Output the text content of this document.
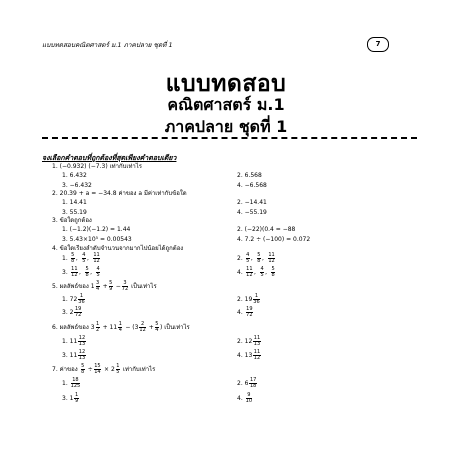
แบบทดสอบคณิตศาสตร์ ม.1 ภาคปลาย ชุดที่ 1	7
แบบทดสอบ
คณิตศาสตร์ ม.1
ภาคปลาย ชุดที่ 1
จงเลือกคำตอบที่ถูกต้องที่สุดเพียงคำตอบเดียว
1. (−0.932) (−7.3) เท่ากับเท่าไร
1. 6.432	2. 6.568
3. −6.432	4. −6.568
2. 20.39 + a = −34.8 ค่าของ a มีค่าเท่ากับข้อใด
1. 14.41	2. −14.41
3. 55.19	4. −55.19
3. ข้อใดถูกต้อง
1. (−1.2)(−1.2) = 1.44	2. (−22)(0.4 = −88
3. 5.43×10⁵ = 0.00543	4. 7.2 ÷ (−100) = 0.072
4. ข้อใดเรียงลำดับจำนวนจากมากไปน้อยได้ถูกต้อง
1. $\frac{5}{8}$ , $\frac{4}{5}$ , $\frac{11}{12}$	2. $\frac{4}{5}$ , $\frac{5}{8}$ , $\frac{11}{12}$
3. $\frac{11}{12}$ , $\frac{5}{8}$ , $\frac{4}{5}$	4. $\frac{11}{12}$ , $\frac{4}{5}$ , $\frac{5}{8}$
5. ผลลัพธ์ของ $1 \frac{3}{4} + \frac{5}{9} - \frac{3}{72}$ เป็นเท่าไร
1. $72 \frac{1}{36}$	2. $19 \frac{1}{36}$
3. $2 \frac{19}{72}$	4. $\frac{19}{72}$
6. ผลลัพธ์ของ $3 \frac{1}{2} + 11 \frac{1}{4} - (3 \frac{2}{12} + \frac{5}{4}$ ) เป็นเท่าไร
1. $11 \frac{12}{13}$	2. $12 \frac{11}{13}$
3. $11 \frac{12}{13}$	4. $13 \frac{11}{12}$
7. ค่าของ $\frac{5}{8} \div \frac{15}{14} \times 2 \frac{1}{5}$ เท่ากับเท่าไร
1. $\frac{18}{125}$	2. $6 \frac{17}{18}$
3. $1 \frac{1}{9}$	4. $\frac{9}{10}$
